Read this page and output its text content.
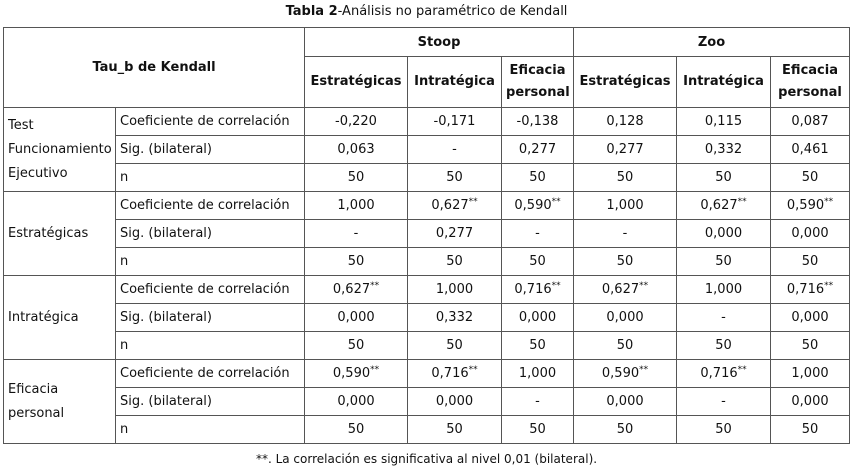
Tabla 2-Análisis no paramétrico de Kendall
Tau_b de Kendall		Stoop			Zoo		
		Estratégicas	Intratégica	Eficacia personal	Estratégicas	Intratégica	Eficacia personal
Test Funcionamiento Ejecutivo	Coeficiente de correlación	-0,220	-0,171	-0,138	0,128	0,115	0,087
	Sig. (bilateral)	0,063	-	0,277	0,277	0,332	0,461
	n	50	50	50	50	50	50
Estratégicas	Coeficiente de correlación	1,000	0,627**	0,590**	1,000	0,627**	0,590**
	Sig. (bilateral)	-	0,277	-	-	0,000	0,000
	n	50	50	50	50	50	50
Intratégica	Coeficiente de correlación	0,627**	1,000	0,716**	0,627**	1,000	0,716**
	Sig. (bilateral)	0,000	0,332	0,000	0,000	-	0,000
	n	50	50	50	50	50	50
Eficacia personal	Coeficiente de correlación	0,590**	0,716**	1,000	0,590**	0,716**	1,000
	Sig. (bilateral)	0,000	0,000	-	0,000	-	0,000
	n	50	50	50	50	50	50
**. La correlación es significativa al nivel 0,01 (bilateral).
